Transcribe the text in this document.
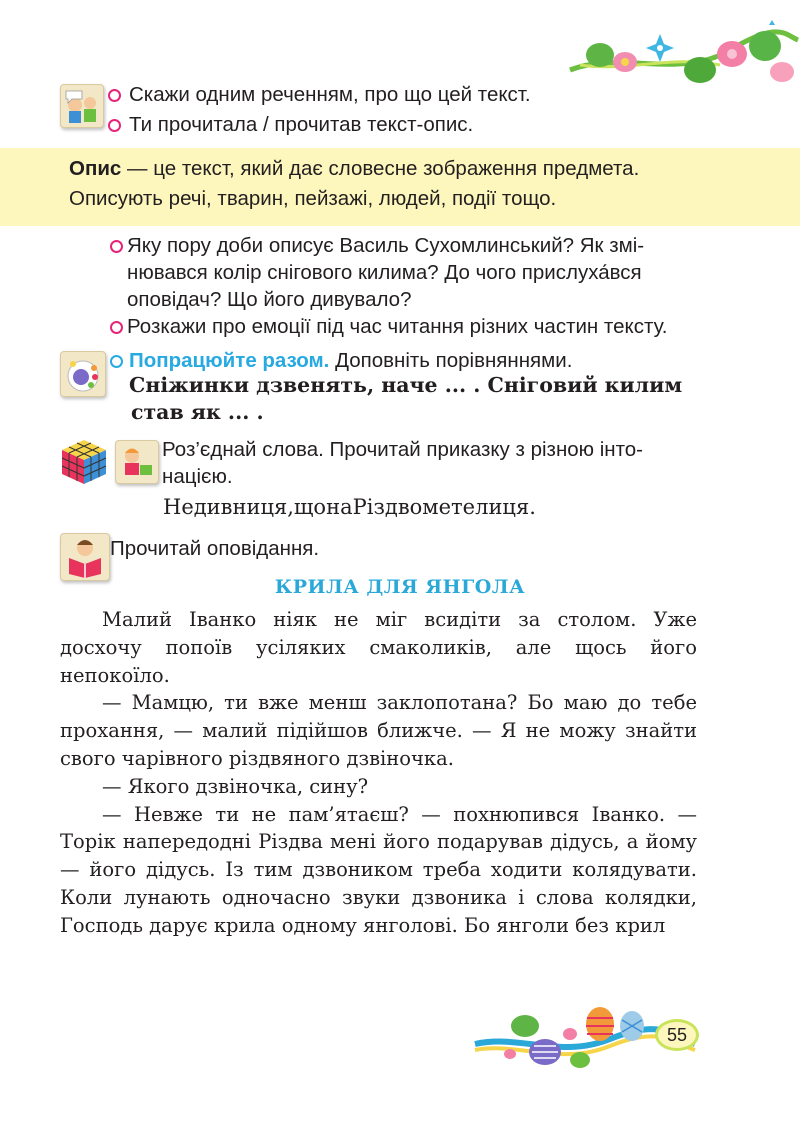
Скажи одним реченням, про що цей текст.
Ти прочитала / прочитав текст-опис.
Опис — це текст, який дає словесне зображення предмета.
Описують речі, тварин, пейзажі, людей, події тощо.
Яку пору доби описує Василь Сухомлинський? Як змі-
нювався колір снігового килима? До чого прислуха́вся
оповідач? Що його дивувало?
Розкажи про емоції під час читання різних частин тексту.
Попрацюйте разом. Доповніть порівняннями.
Сніжинки дзвенять, наче ... . Сніговий килим
став як ... .
Роз’єднай слова. Прочитай приказку з різною інто-
нацією.
Недивниця,щонаРіздвометелиця.
Прочитай оповідання.
КРИЛА ДЛЯ ЯНГОЛА

Малий Іванко ніяк не міг всидіти за столом. Уже досхочу попоїв усіляких смаколиків, але щось його непокоїло.

— Мамцю, ти вже менш заклопотана? Бо маю до тебе прохання, — малий підійшов ближче. — Я не можу знайти свого чарівного різдвяного дзвіночка.

— Якого дзвіночка, сину?

— Невже ти не пам’ятаєш? — похнюпився Іванко. — Торік напередодні Різдва мені його подарував дідусь, а йому — його дідусь. Із тим дзвоником треба ходити колядувати. Коли лунають одночасно звуки дзвоника і слова колядки, Господь дарує крила одному янголові. Бо янголи без крил

55
